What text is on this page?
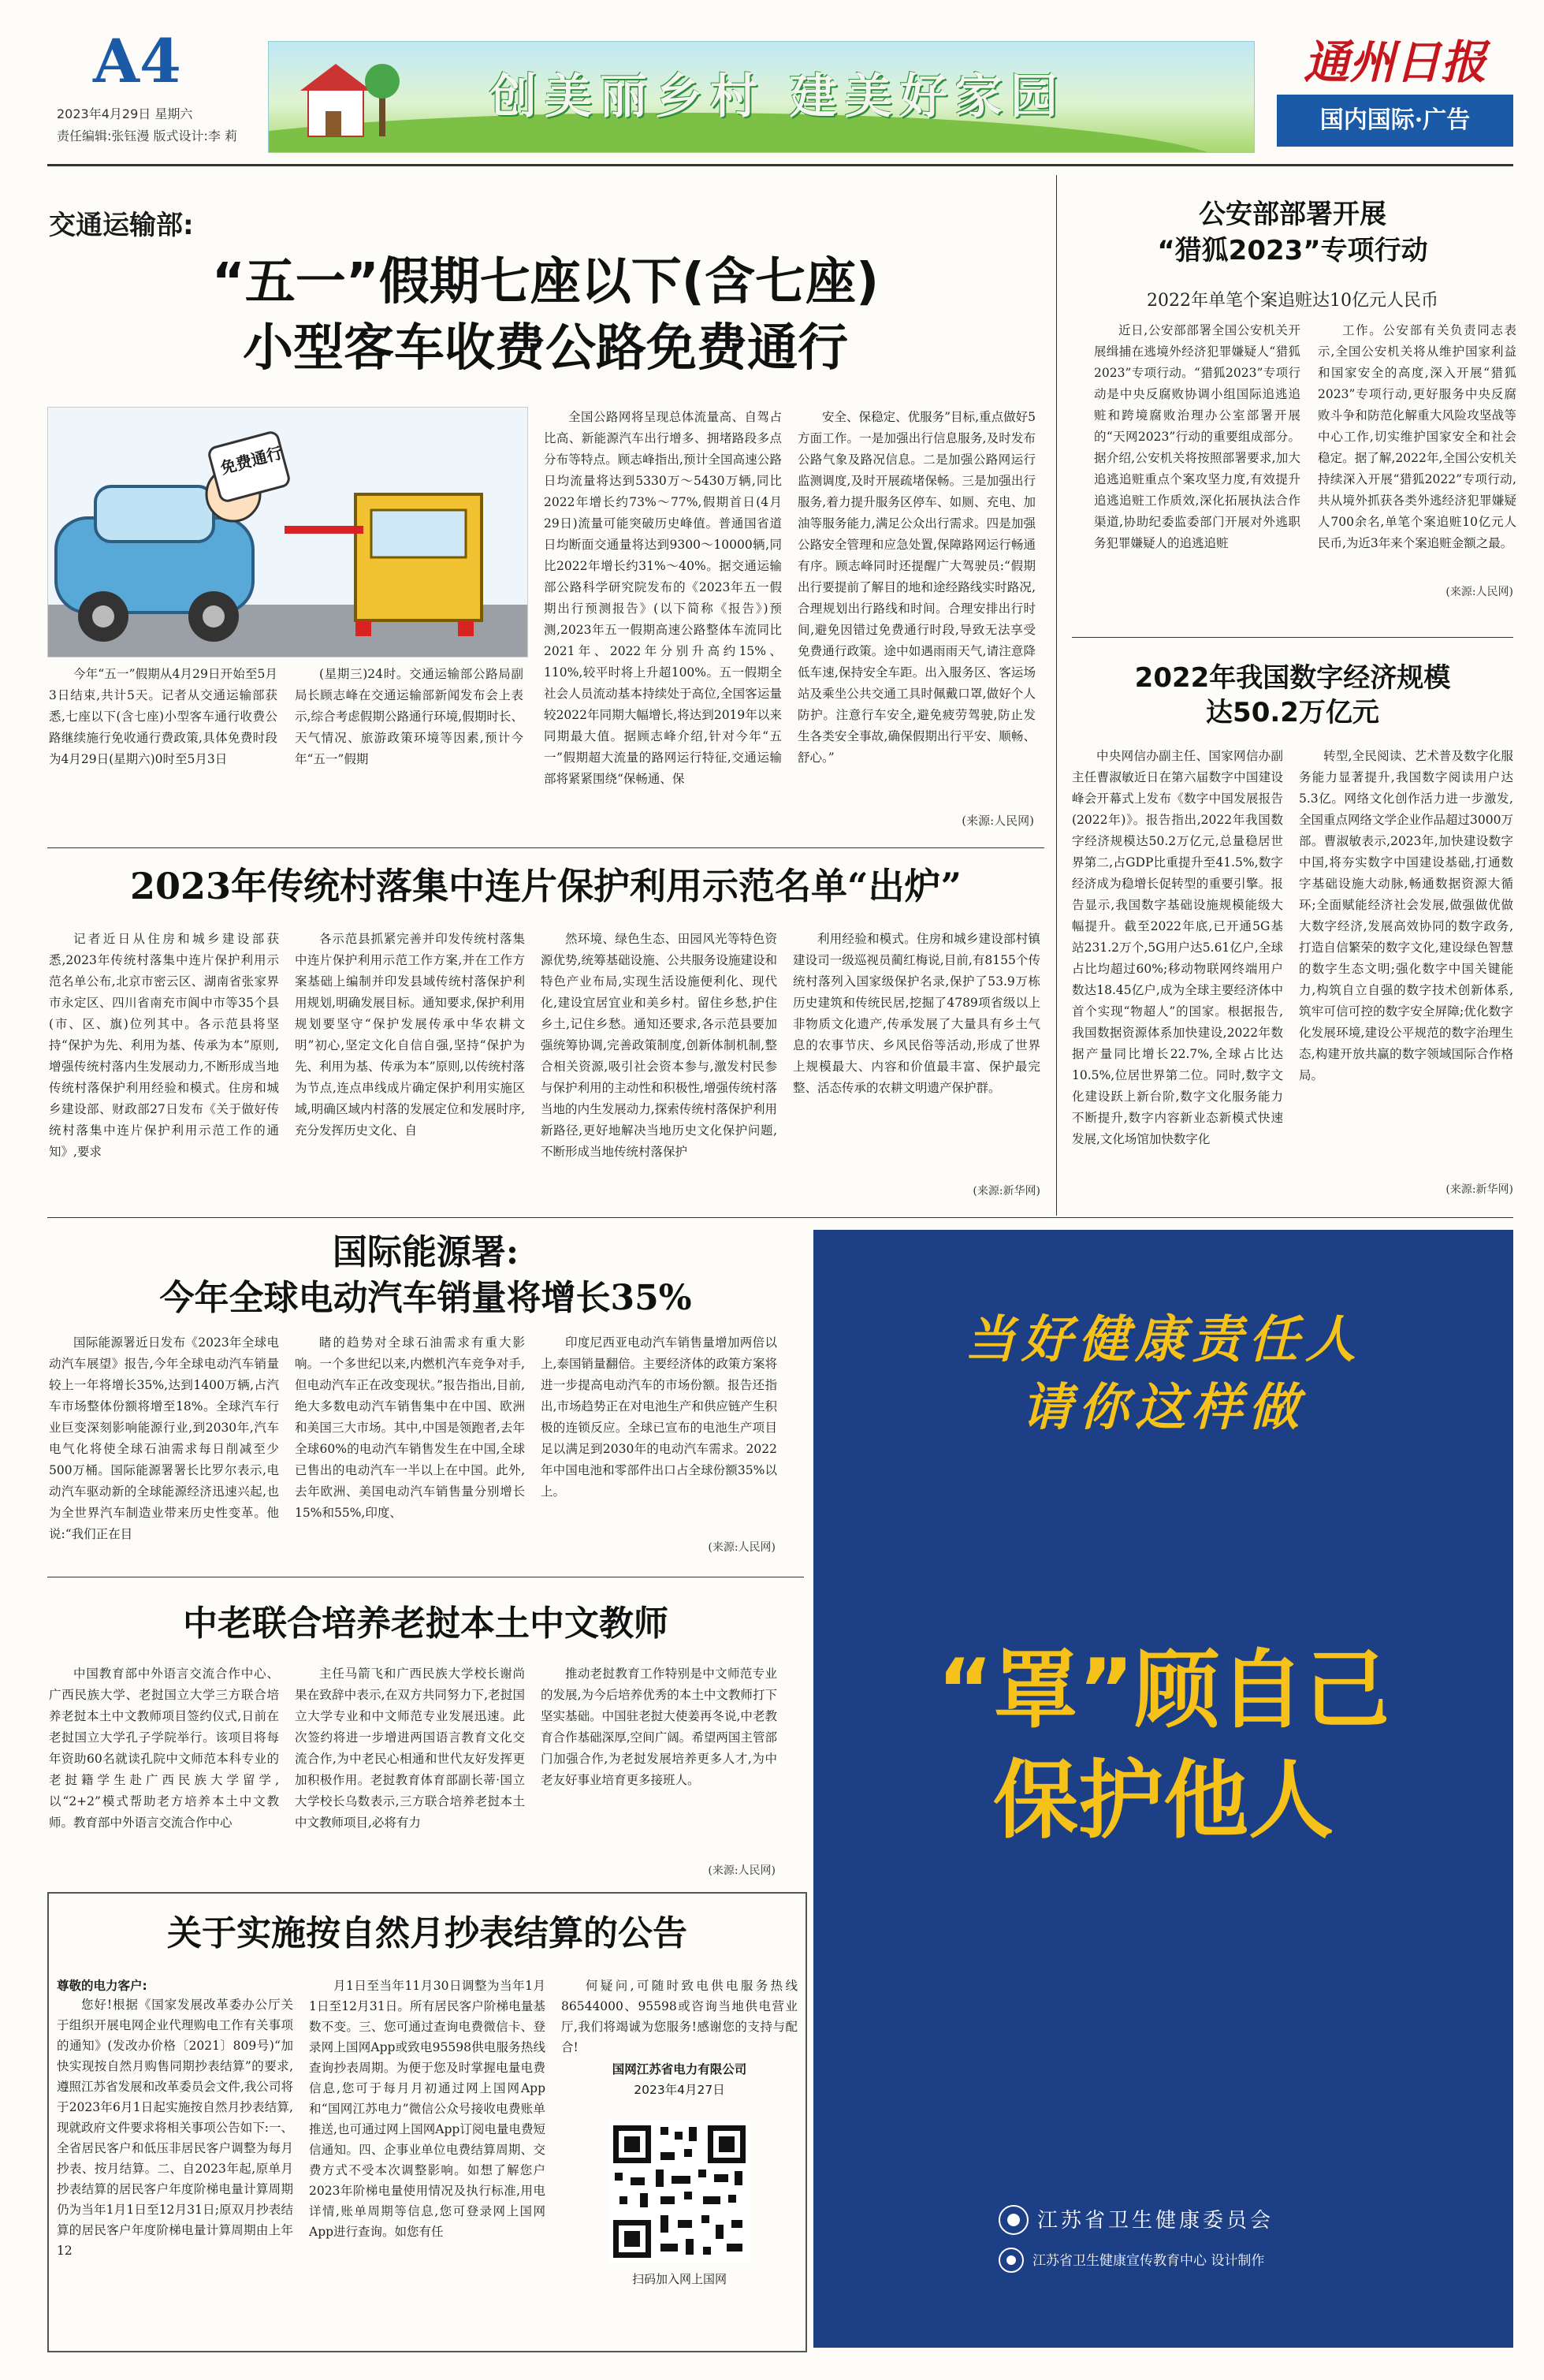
A4
2023年4月29日 星期六
责任编辑:张钰漫 版式设计:李 莉
创美丽乡村 建美好家园
通州日报
国内国际·广告
交通运输部:
“五一”假期七座以下(含七座)
小型客车收费公路免费通行
免费通行
今年“五一”假期从4月29日开始至5月3日结束,共计5天。记者从交通运输部获悉,七座以下(含七座)小型客车通行收费公路继续施行免收通行费政策,具体免费时段为4月29日(星期六)0时至5月3日
(星期三)24时。交通运输部公路局副局长顾志峰在交通运输部新闻发布会上表示,综合考虑假期公路通行环境,假期时长、天气情况、旅游政策环境等因素,预计今年“五一”假期
全国公路网将呈现总体流量高、自驾占比高、新能源汽车出行增多、拥堵路段多点分布等特点。顾志峰指出,预计全国高速公路日均流量将达到5330万～5430万辆,同比2022年增长约73%～77%,假期首日(4月29日)流量可能突破历史峰值。普通国省道日均断面交通量将达到9300～10000辆,同比2022年增长约31%～40%。据交通运输部公路科学研究院发布的《2023年五一假期出行预测报告》(以下简称《报告》)预测,2023年五一假期高速公路整体车流同比2021年、2022年分别升高约15%、110%,较平时将上升超100%。五一假期全社会人员流动基本持续处于高位,全国客运量较2022年同期大幅增长,将达到2019年以来同期最大值。据顾志峰介绍,针对今年“五一”假期超大流量的路网运行特征,交通运输部将紧紧围绕“保畅通、保
安全、保稳定、优服务”目标,重点做好5方面工作。一是加强出行信息服务,及时发布公路气象及路况信息。二是加强公路网运行监测调度,及时开展疏堵保畅。三是加强出行服务,着力提升服务区停车、如厕、充电、加油等服务能力,满足公众出行需求。四是加强公路安全管理和应急处置,保障路网运行畅通有序。顾志峰同时还提醒广大驾驶员:“假期出行要提前了解目的地和途经路线实时路况,合理规划出行路线和时间。合理安排出行时间,避免因错过免费通行时段,导致无法享受免费通行政策。途中如遇雨雨天气,请注意降低车速,保持安全车距。出入服务区、客运场站及乘坐公共交通工具时佩戴口罩,做好个人防护。注意行车安全,避免疲劳驾驶,防止发生各类安全事故,确保假期出行平安、顺畅、舒心。”
(来源:人民网)
公安部部署开展
“猎狐2023”专项行动
2022年单笔个案追赃达10亿元人民币
近日,公安部部署全国公安机关开展缉捕在逃境外经济犯罪嫌疑人“猎狐2023”专项行动。“猎狐2023”专项行动是中央反腐败协调小组国际追逃追赃和跨境腐败治理办公室部署开展的“天网2023”行动的重要组成部分。据介绍,公安机关将按照部署要求,加大追逃追赃重点个案攻坚力度,有效提升追逃追赃工作质效,深化拓展执法合作渠道,协助纪委监委部门开展对外逃职务犯罪嫌疑人的追逃追赃
工作。公安部有关负责同志表示,全国公安机关将从维护国家利益和国家安全的高度,深入开展“猎狐2023”专项行动,更好服务中央反腐败斗争和防范化解重大风险攻坚战等中心工作,切实维护国家安全和社会稳定。据了解,2022年,全国公安机关持续深入开展“猎狐2022”专项行动,共从境外抓获各类外逃经济犯罪嫌疑人700余名,单笔个案追赃10亿元人民币,为近3年来个案追赃金额之最。
(来源:人民网)
2022年我国数字经济规模
达50.2万亿元
中央网信办副主任、国家网信办副主任曹淑敏近日在第六届数字中国建设峰会开幕式上发布《数字中国发展报告(2022年)》。报告指出,2022年我国数字经济规模达50.2万亿元,总量稳居世界第二,占GDP比重提升至41.5%,数字经济成为稳增长促转型的重要引擎。报告显示,我国数字基础设施规模能级大幅提升。截至2022年底,已开通5G基站231.2万个,5G用户达5.61亿户,全球占比均超过60%;移动物联网终端用户数达18.45亿户,成为全球主要经济体中首个实现“物超人”的国家。根据报告,我国数据资源体系加快建设,2022年数据产量同比增长22.7%,全球占比达10.5%,位居世界第二位。同时,数字文化建设跃上新台阶,数字文化服务能力不断提升,数字内容新业态新模式快速发展,文化场馆加快数字化
转型,全民阅读、艺术普及数字化服务能力显著提升,我国数字阅读用户达5.3亿。网络文化创作活力进一步激发,全国重点网络文学企业作品超过3000万部。曹淑敏表示,2023年,加快建设数字中国,将夯实数字中国建设基础,打通数字基础设施大动脉,畅通数据资源大循环;全面赋能经济社会发展,做强做优做大数字经济,发展高效协同的数字政务,打造自信繁荣的数字文化,建设绿色智慧的数字生态文明;强化数字中国关键能力,构筑自立自强的数字技术创新体系,筑牢可信可控的数字安全屏障;优化数字化发展环境,建设公平规范的数字治理生态,构建开放共赢的数字领域国际合作格局。
(来源:新华网)
2023年传统村落集中连片保护利用示范名单“出炉”
记者近日从住房和城乡建设部获悉,2023年传统村落集中连片保护利用示范名单公布,北京市密云区、湖南省张家界市永定区、四川省南充市阆中市等35个县(市、区、旗)位列其中。各示范县将坚持“保护为先、利用为基、传承为本”原则,增强传统村落内生发展动力,不断形成当地传统村落保护利用经验和模式。住房和城乡建设部、财政部27日发布《关于做好传统村落集中连片保护利用示范工作的通知》,要求
各示范县抓紧完善并印发传统村落集中连片保护利用示范工作方案,并在工作方案基础上编制并印发县域传统村落保护利用规划,明确发展目标。通知要求,保护利用规划要坚守“保护发展传承中华农耕文明”初心,坚定文化自信自强,坚持“保护为先、利用为基、传承为本”原则,以传统村落为节点,连点串线成片确定保护利用实施区域,明确区域内村落的发展定位和发展时序,充分发挥历史文化、自
然环境、绿色生态、田园风光等特色资源优势,统筹基础设施、公共服务设施建设和特色产业布局,实现生活设施便利化、现代化,建设宜居宜业和美乡村。留住乡愁,护住乡土,记住乡愁。通知还要求,各示范县要加强统筹协调,完善政策制度,创新体制机制,整合相关资源,吸引社会资本参与,激发村民参与保护利用的主动性和积极性,增强传统村落当地的内生发展动力,探索传统村落保护利用新路径,更好地解决当地历史文化保护问题,不断形成当地传统村落保护
利用经验和模式。住房和城乡建设部村镇建设司一级巡视员蔺红梅说,目前,有8155个传统村落列入国家级保护名录,保护了53.9万栋历史建筑和传统民居,挖掘了4789项省级以上非物质文化遗产,传承发展了大量具有乡土气息的农事节庆、乡风民俗等活动,形成了世界上规模最大、内容和价值最丰富、保护最完整、活态传承的农耕文明遗产保护群。
(来源:新华网)
国际能源署:
今年全球电动汽车销量将增长35%
国际能源署近日发布《2023年全球电动汽车展望》报告,今年全球电动汽车销量较上一年将增长35%,达到1400万辆,占汽车市场整体份额将增至18%。全球汽车行业巨变深刻影响能源行业,到2030年,汽车电气化将使全球石油需求每日削减至少500万桶。国际能源署署长比罗尔表示,电动汽车驱动新的全球能源经济迅速兴起,也为全世界汽车制造业带来历史性变革。他说:“我们正在目
睹的趋势对全球石油需求有重大影响。一个多世纪以来,内燃机汽车竞争对手,但电动汽车正在改变现状。”报告指出,目前,绝大多数电动汽车销售集中在中国、欧洲和美国三大市场。其中,中国是领跑者,去年全球60%的电动汽车销售发生在中国,全球已售出的电动汽车一半以上在中国。此外,去年欧洲、美国电动汽车销售量分别增长15%和55%,印度、
印度尼西亚电动汽车销售量增加两倍以上,泰国销量翻倍。主要经济体的政策方案将进一步提高电动汽车的市场份额。报告还指出,市场趋势正在对电池生产和供应链产生积极的连锁反应。全球已宣布的电池生产项目足以满足到2030年的电动汽车需求。2022年中国电池和零部件出口占全球份额35%以上。
(来源:人民网)
中老联合培养老挝本土中文教师
中国教育部中外语言交流合作中心、广西民族大学、老挝国立大学三方联合培养老挝本土中文教师项目签约仪式,日前在老挝国立大学孔子学院举行。该项目将每年资助60名就读孔院中文师范本科专业的老挝籍学生赴广西民族大学留学,以“2+2”模式帮助老方培养本土中文教师。教育部中外语言交流合作中心
主任马箭飞和广西民族大学校长谢尚果在致辞中表示,在双方共同努力下,老挝国立大学专业和中文师范专业发展迅速。此次签约将进一步增进两国语言教育文化交流合作,为中老民心相通和世代友好发挥更加积极作用。老挝教育体育部副长蒂·国立大学校长乌数表示,三方联合培养老挝本土中文教师项目,必将有力
推动老挝教育工作特别是中文师范专业的发展,为今后培养优秀的本土中文教师打下坚实基础。中国驻老挝大使姜再冬说,中老教育合作基础深厚,空间广阔。希望两国主管部门加强合作,为老挝发展培养更多人才,为中老友好事业培育更多接班人。
(来源:人民网)
关于实施按自然月抄表结算的公告
尊敬的电力客户:
您好!根据《国家发展改革委办公厅关于组织开展电网企业代理购电工作有关事项的通知》(发改办价格〔2021〕809号)“加快实现按自然月购售同期抄表结算”的要求,遵照江苏省发展和改革委员会文件,我公司将于2023年6月1日起实施按自然月抄表结算,现就政府文件要求将相关事项公告如下:一、全省居民客户和低压非居民客户调整为每月抄表、按月结算。二、自2023年起,原单月抄表结算的居民客户年度阶梯电量计算周期仍为当年1月1日至12月31日;原双月抄表结算的居民客户年度阶梯电量计算周期由上年12
月1日至当年11月30日调整为当年1月1日至12月31日。所有居民客户阶梯电量基数不变。三、您可通过查询电费微信卡、登录网上国网App或致电95598供电服务热线查询抄表周期。为便于您及时掌握电量电费信息,您可于每月月初通过网上国网App和“国网江苏电力”微信公众号接收电费账单推送,也可通过网上国网App订阅电量电费短信通知。四、企事业单位电费结算周期、交费方式不受本次调整影响。如想了解您户2023年阶梯电量使用情况及执行标准,用电详情,账单周期等信息,您可登录网上国网App进行查询。如您有任
何疑问,可随时致电供电服务热线86544000、95598或咨询当地供电营业厅,我们将竭诚为您服务!感谢您的支持与配合!
国网江苏省电力有限公司
2023年4月27日
扫码加入网上国网
当好健康责任人
请你这样做
“罩”顾自己
保护他人
江苏省卫生健康委员会
江苏省卫生健康宣传教育中心 设计制作
